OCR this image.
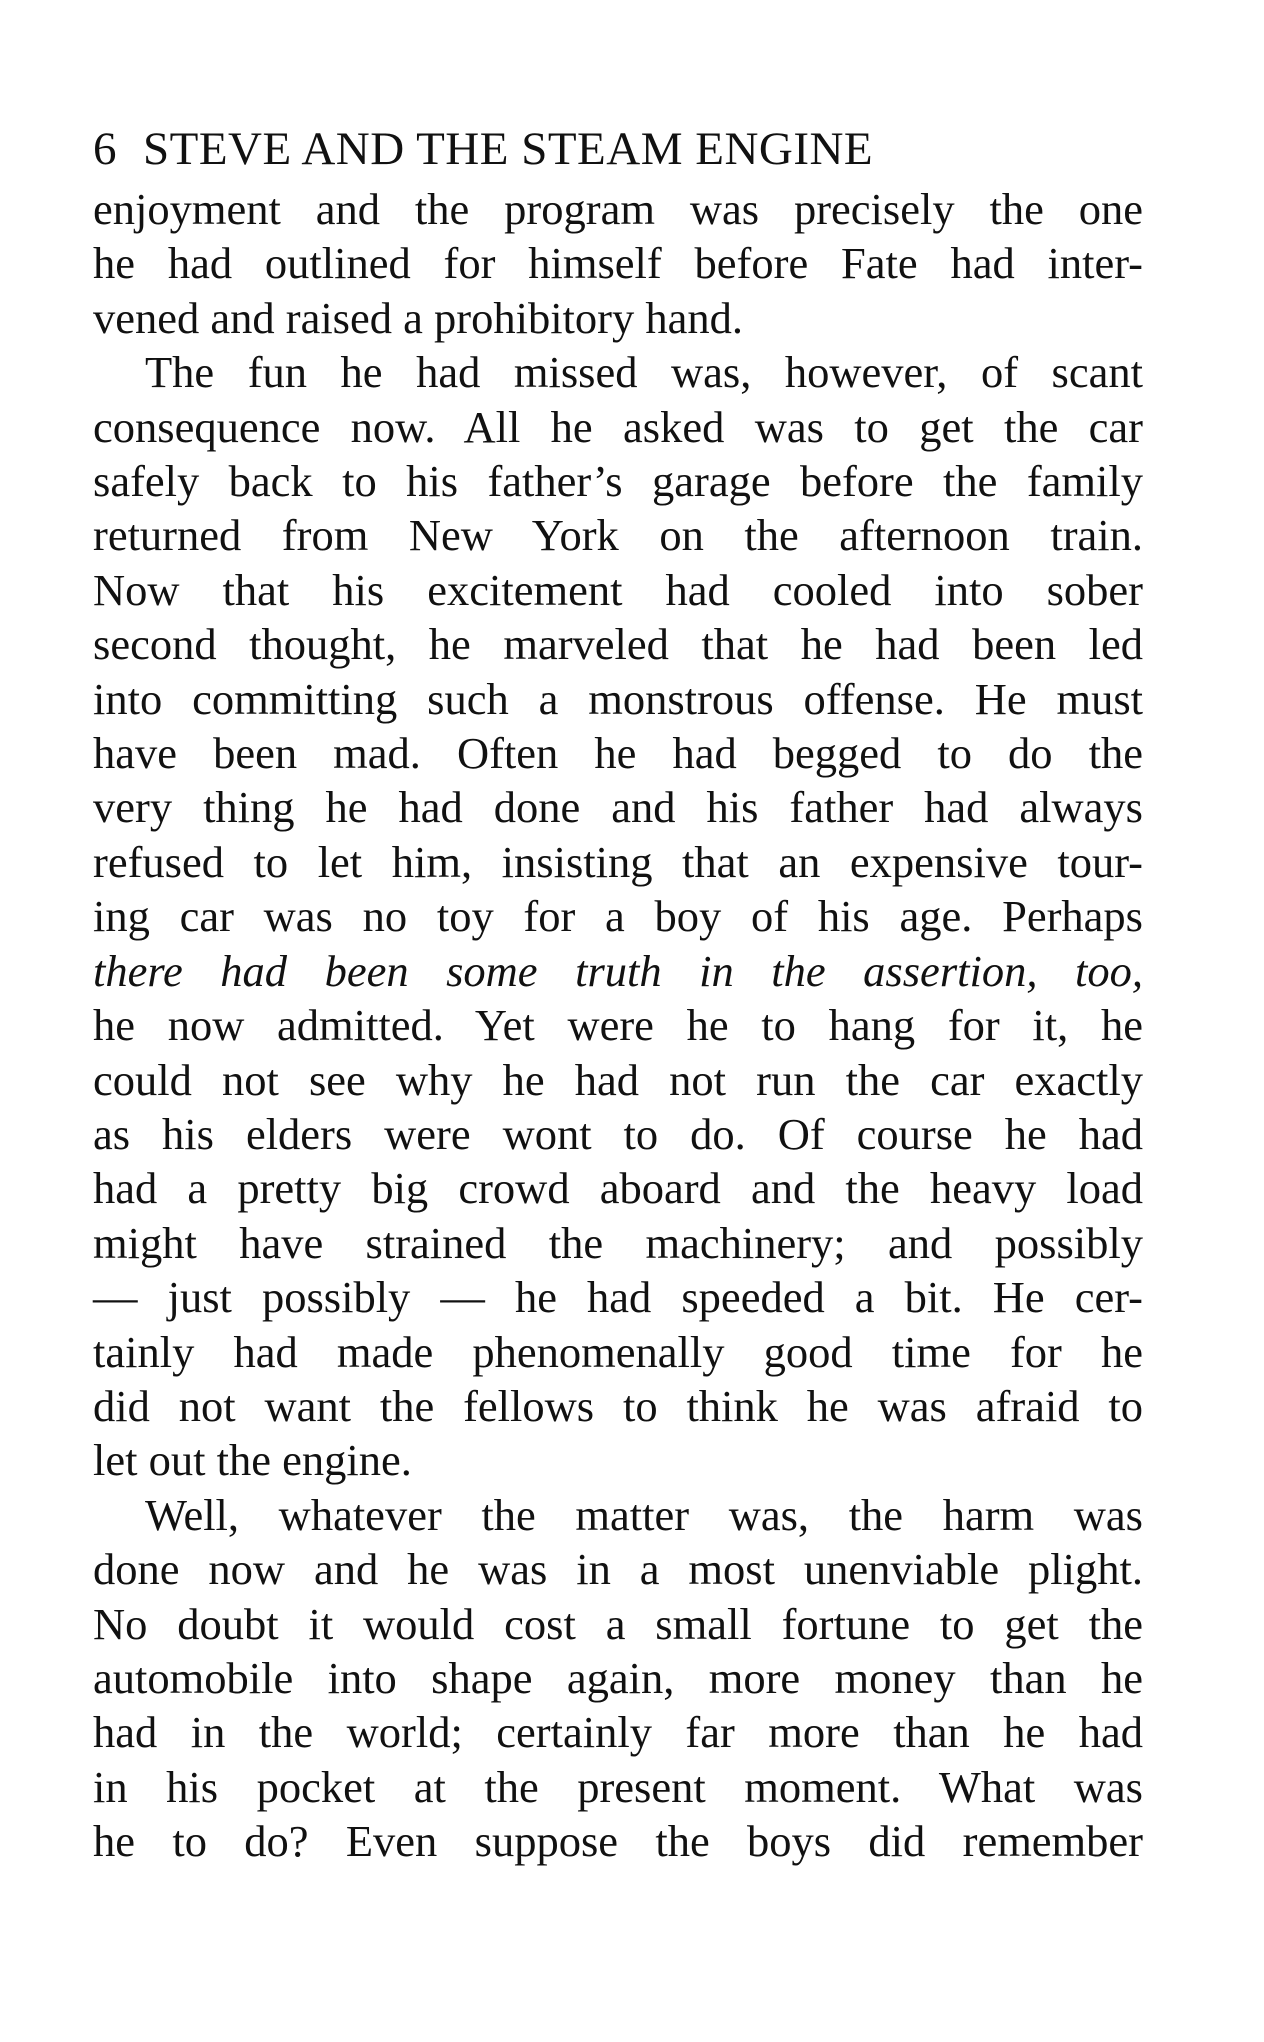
6 STEVE AND THE STEAM ENGINE
enjoyment and the program was precisely the one
he had outlined for himself before Fate had inter-
vened and raised a prohibitory hand.
The fun he had missed was, however, of scant
consequence now. All he asked was to get the car
safely back to his father’s garage before the family
returned from New York on the afternoon train.
Now that his excitement had cooled into sober
second thought, he marveled that he had been led
into committing such a monstrous offense. He must
have been mad. Often he had begged to do the
very thing he had done and his father had always
refused to let him, insisting that an expensive tour-
ing car was no toy for a boy of his age. Perhaps
there had been some truth in the assertion, too,
he now admitted. Yet were he to hang for it, he
could not see why he had not run the car exactly
as his elders were wont to do. Of course he had
had a pretty big crowd aboard and the heavy load
might have strained the machinery; and possibly
— just possibly — he had speeded a bit. He cer-
tainly had made phenomenally good time for he
did not want the fellows to think he was afraid to
let out the engine.
Well, whatever the matter was, the harm was
done now and he was in a most unenviable plight.
No doubt it would cost a small fortune to get the
automobile into shape again, more money than he
had in the world; certainly far more than he had
in his pocket at the present moment. What was
he to do? Even suppose the boys did remember
